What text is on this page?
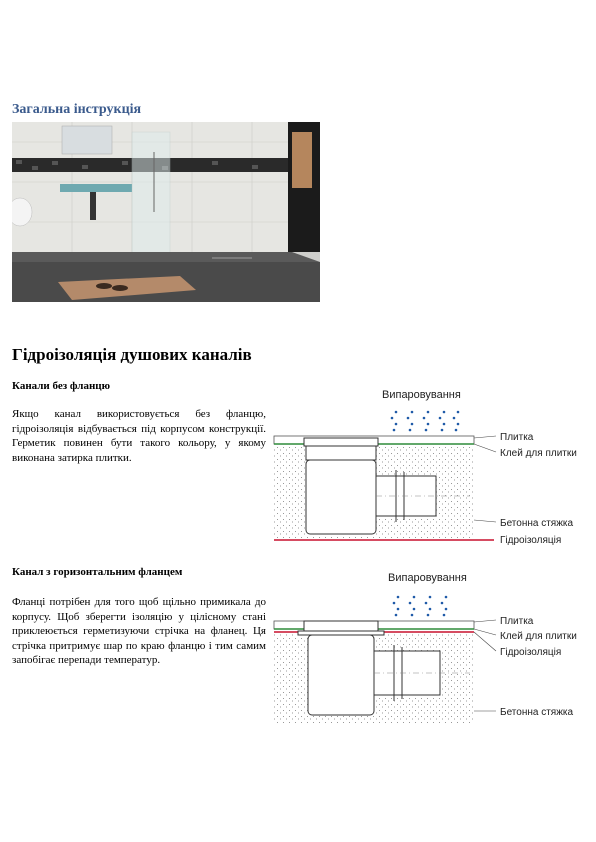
Загальна інструкція
Гідроізоляція душових каналів
Канали без фланцю

Якщо канал використовується без фланцю, гідроізоляція відбувається під корпусом конструкції. Герметик повинен бути такого кольору, у якому виконана затирка плитки.

Випаровування
Плитка
Клей для плитки
Бетонна стяжка
Гідроізоляція
Канал з горизонтальним фланцем

Фланці потрібен для того щоб щільно примикала до корпусу. Щоб зберегти ізоляцію у цілісному стані приклеюється герметизуючи стрічка на фланец. Ця стрічка притримує шар по краю фланцю і тим самим запобігає перепади температур.

Випаровування
Плитка
Клей для плитки
Гідроізоляція
Бетонна стяжка
